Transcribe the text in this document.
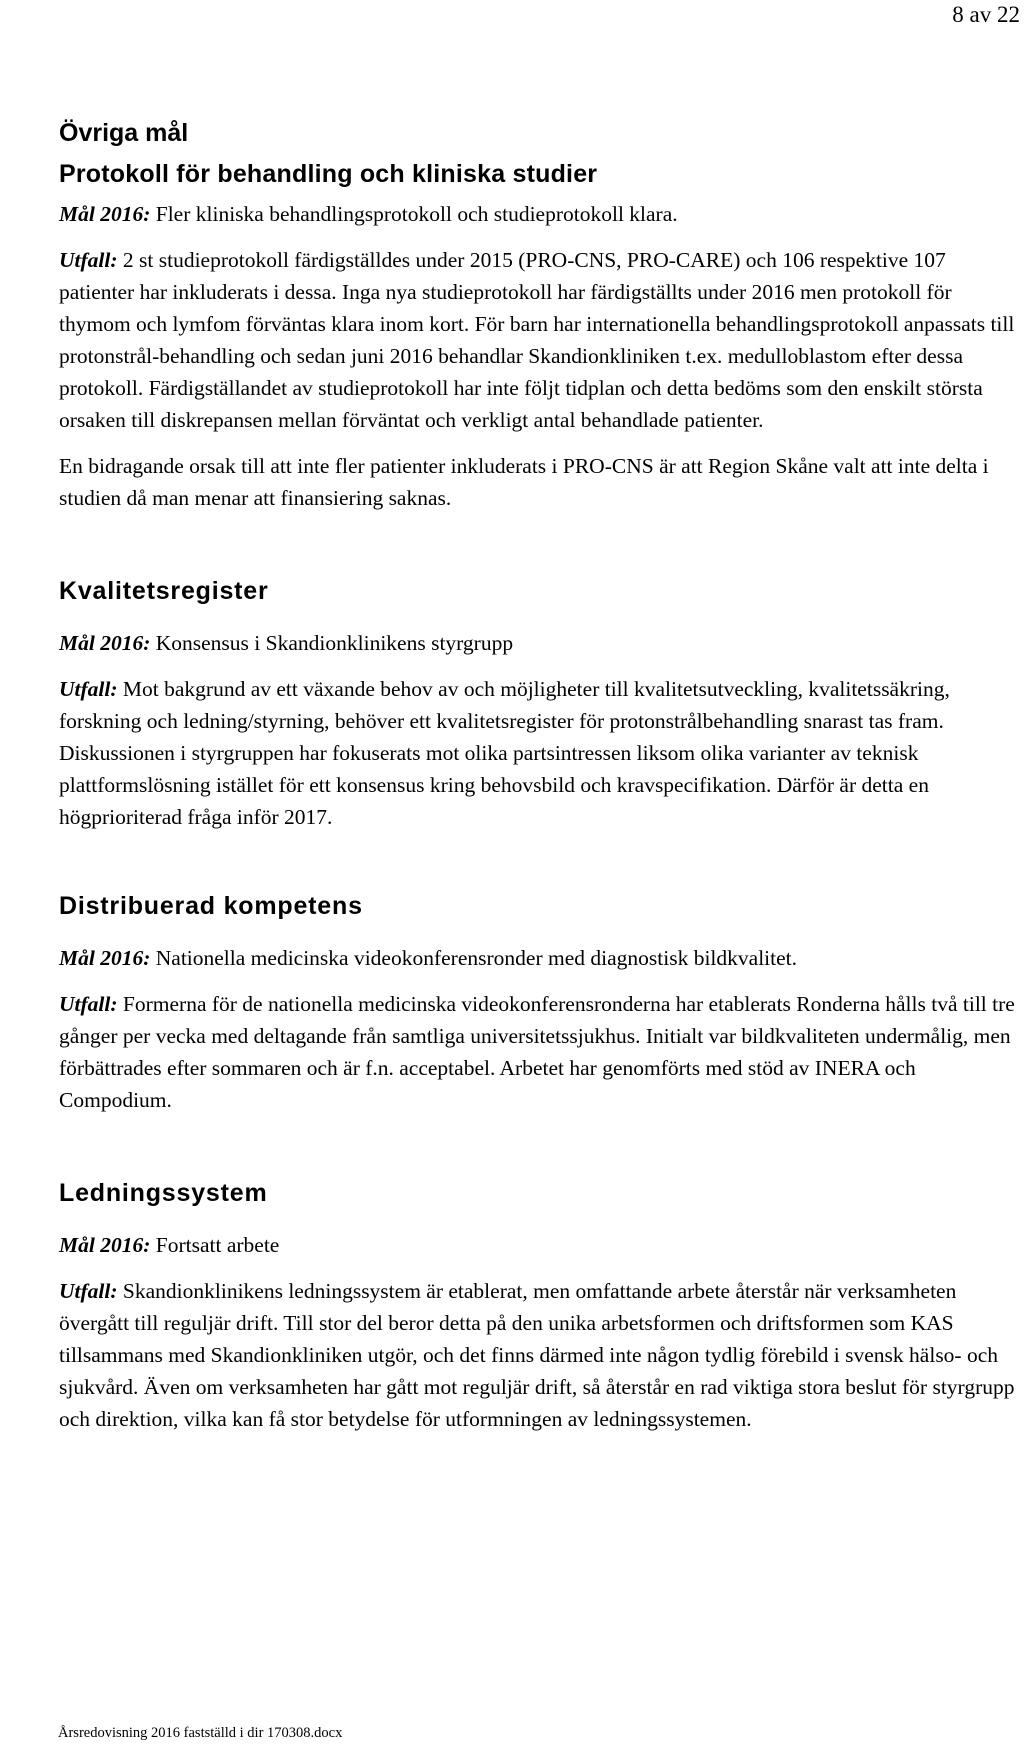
8 av 22
Övriga mål
Protokoll för behandling och kliniska studier

Mål 2016: Fler kliniska behandlingsprotokoll och studieprotokoll klara.

Utfall: 2 st studieprotokoll färdigställdes under 2015 (PRO-CNS, PRO-CARE) och 106 respektive 107 patienter har inkluderats i dessa. Inga nya studieprotokoll har färdigställts under 2016 men protokoll för thymom och lymfom förväntas klara inom kort. För barn har internationella behandlingsprotokoll anpassats till protonstrål-behandling och sedan juni 2016 behandlar Skandionkliniken t.ex. medulloblastom efter dessa protokoll. Färdigställandet av studieprotokoll har inte följt tidplan och detta bedöms som den enskilt största orsaken till diskrepansen mellan förväntat och verkligt antal behandlade patienter.

En bidragande orsak till att inte fler patienter inkluderats i PRO-CNS är att Region Skåne valt att inte delta i studien då man menar att finansiering saknas.

Kvalitetsregister

Mål 2016: Konsensus i Skandionklinikens styrgrupp

Utfall: Mot bakgrund av ett växande behov av och möjligheter till kvalitetsutveckling, kvalitetssäkring, forskning och ledning/styrning, behöver ett kvalitetsregister för protonstrålbehandling snarast tas fram. Diskussionen i styrgruppen har fokuserats mot olika partsintressen liksom olika varianter av teknisk plattformslösning istället för ett konsensus kring behovsbild och kravspecifikation. Därför är detta en högprioriterad fråga inför 2017.

Distribuerad kompetens

Mål 2016: Nationella medicinska videokonferensronder med diagnostisk bildkvalitet.

Utfall: Formerna för de nationella medicinska videokonferensronderna har etablerats Ronderna hålls två till tre gånger per vecka med deltagande från samtliga universitetssjukhus. Initialt var bildkvaliteten undermålig, men förbättrades efter sommaren och är f.n. acceptabel. Arbetet har genomförts med stöd av INERA och Compodium.

Ledningssystem

Mål 2016: Fortsatt arbete

Utfall: Skandionklinikens ledningssystem är etablerat, men omfattande arbete återstår när verksamheten övergått till reguljär drift. Till stor del beror detta på den unika arbetsformen och driftsformen som KAS tillsammans med Skandionkliniken utgör, och det finns därmed inte någon tydlig förebild i svensk hälso- och sjukvård. Även om verksamheten har gått mot reguljär drift, så återstår en rad viktiga stora beslut för styrgrupp och direktion, vilka kan få stor betydelse för utformningen av ledningssystemen.

Årsredovisning 2016 fastställd i dir 170308.docx
